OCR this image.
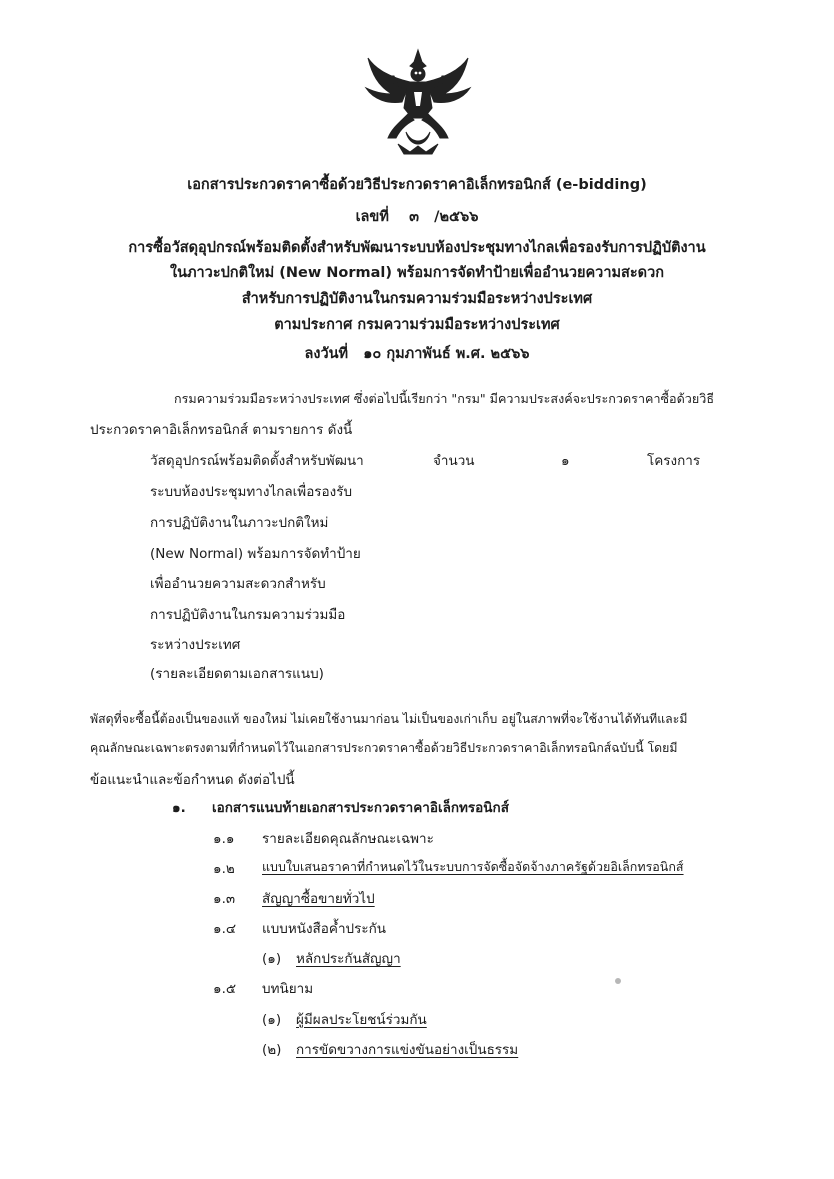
เอกสารประกวดราคาซื้อด้วยวิธีประกวดราคาอิเล็กทรอนิกส์ (e-bidding)
เลขที่ ๓ /๒๕๖๖
การซื้อวัสดุอุปกรณ์พร้อมติดตั้งสำหรับพัฒนาระบบห้องประชุมทางไกลเพื่อรองรับการปฏิบัติงาน
ในภาวะปกติใหม่ (New Normal) พร้อมการจัดทำป้ายเพื่ออำนวยความสะดวก
สำหรับการปฏิบัติงานในกรมความร่วมมือระหว่างประเทศ
ตามประกาศ กรมความร่วมมือระหว่างประเทศ
ลงวันที่ ๑๐ กุมภาพันธ์ พ.ศ. ๒๕๖๖
กรมความร่วมมือระหว่างประเทศ ซึ่งต่อไปนี้เรียกว่า "กรม" มีความประสงค์จะประกวดราคาซื้อด้วยวิธี
ประกวดราคาอิเล็กทรอนิกส์ ตามรายการ ดังนี้
วัสดุอุปกรณ์พร้อมติดตั้งสำหรับพัฒนา
ระบบห้องประชุมทางไกลเพื่อรองรับ
การปฏิบัติงานในภาวะปกติใหม่
(New Normal) พร้อมการจัดทำป้าย
เพื่ออำนวยความสะดวกสำหรับ
การปฏิบัติงานในกรมความร่วมมือ
ระหว่างประเทศ
(รายละเอียดตามเอกสารแนบ)
จำนวน	๑	โครงการ
พัสดุที่จะซื้อนี้ต้องเป็นของแท้ ของใหม่ ไม่เคยใช้งานมาก่อน ไม่เป็นของเก่าเก็บ อยู่ในสภาพที่จะใช้งานได้ทันทีและมี
คุณลักษณะเฉพาะตรงตามที่กำหนดไว้ในเอกสารประกวดราคาซื้อด้วยวิธีประกวดราคาอิเล็กทรอนิกส์ฉบับนี้ โดยมี
ข้อแนะนำและข้อกำหนด ดังต่อไปนี้
๑. เอกสารแนบท้ายเอกสารประกวดราคาอิเล็กทรอนิกส์
๑.๑ รายละเอียดคุณลักษณะเฉพาะ
๑.๒ แบบใบเสนอราคาที่กำหนดไว้ในระบบการจัดซื้อจัดจ้างภาครัฐด้วยอิเล็กทรอนิกส์
๑.๓ สัญญาซื้อขายทั่วไป
๑.๔ แบบหนังสือค้ำประกัน
(๑) หลักประกันสัญญา
๑.๕ บทนิยาม
(๑) ผู้มีผลประโยชน์ร่วมกัน
(๒) การขัดขวางการแข่งขันอย่างเป็นธรรม
